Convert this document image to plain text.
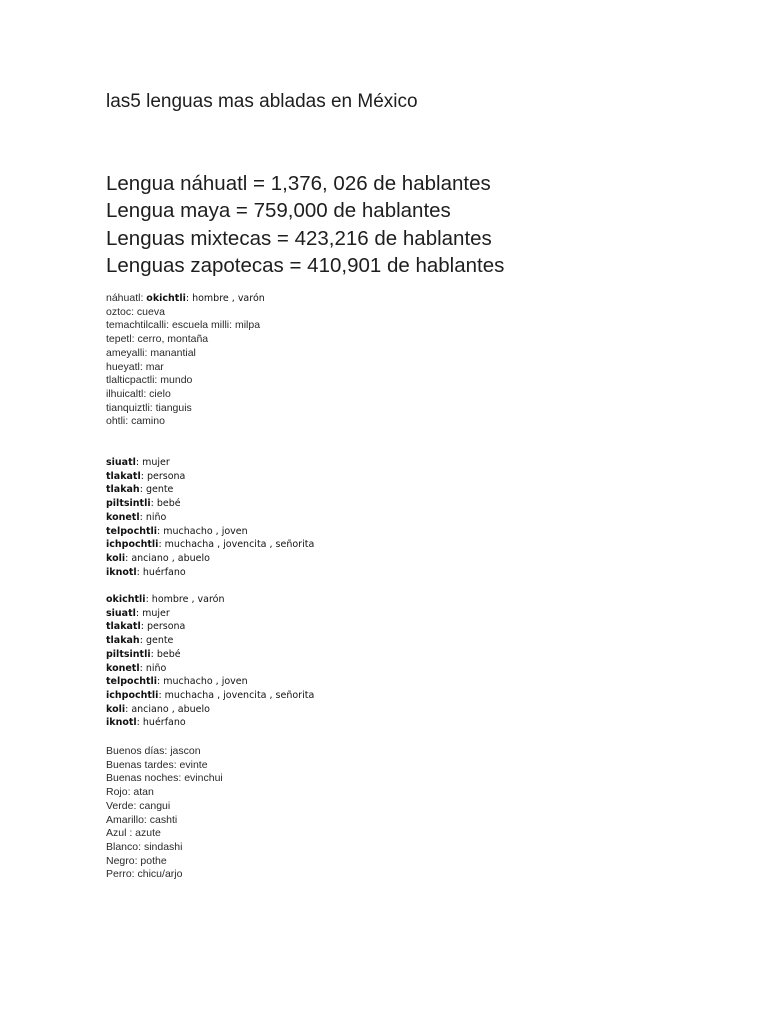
las5 lenguas mas abladas en México
Lengua náhuatl = 1,376, 026 de hablantes
Lengua maya = 759,000 de hablantes
Lenguas mixtecas = 423,216 de hablantes
Lenguas zapotecas = 410,901 de hablantes
náhuatl: okichtli: hombre , varón
oztoc: cueva
temachtilcalli: escuela milli: milpa
tepetl: cerro, montaña
ameyalli: manantial
hueyatl: mar
tlalticpactli: mundo
ilhuicaltl: cielo
tianquiztli: tianguis
ohtli: camino
siuatl: mujer
tlakatl: persona
tlakah: gente
piltsintli: bebé
konetl: niño
telpochtli: muchacho , joven
ichpochtli: muchacha , jovencita , señorita
koli: anciano , abuelo
iknotl: huérfano
okichtli: hombre , varón
siuatl: mujer
tlakatl: persona
tlakah: gente
piltsintli: bebé
konetl: niño
telpochtli: muchacho , joven
ichpochtli: muchacha , jovencita , señorita
koli: anciano , abuelo
iknotl: huérfano
Buenos días: jascon
Buenas tardes: evinte
Buenas noches: evinchui
Rojo: atan
Verde: cangui
Amarillo: cashti
Azul : azute
Blanco: sindashi
Negro: pothe
Perro: chicu/arjo
